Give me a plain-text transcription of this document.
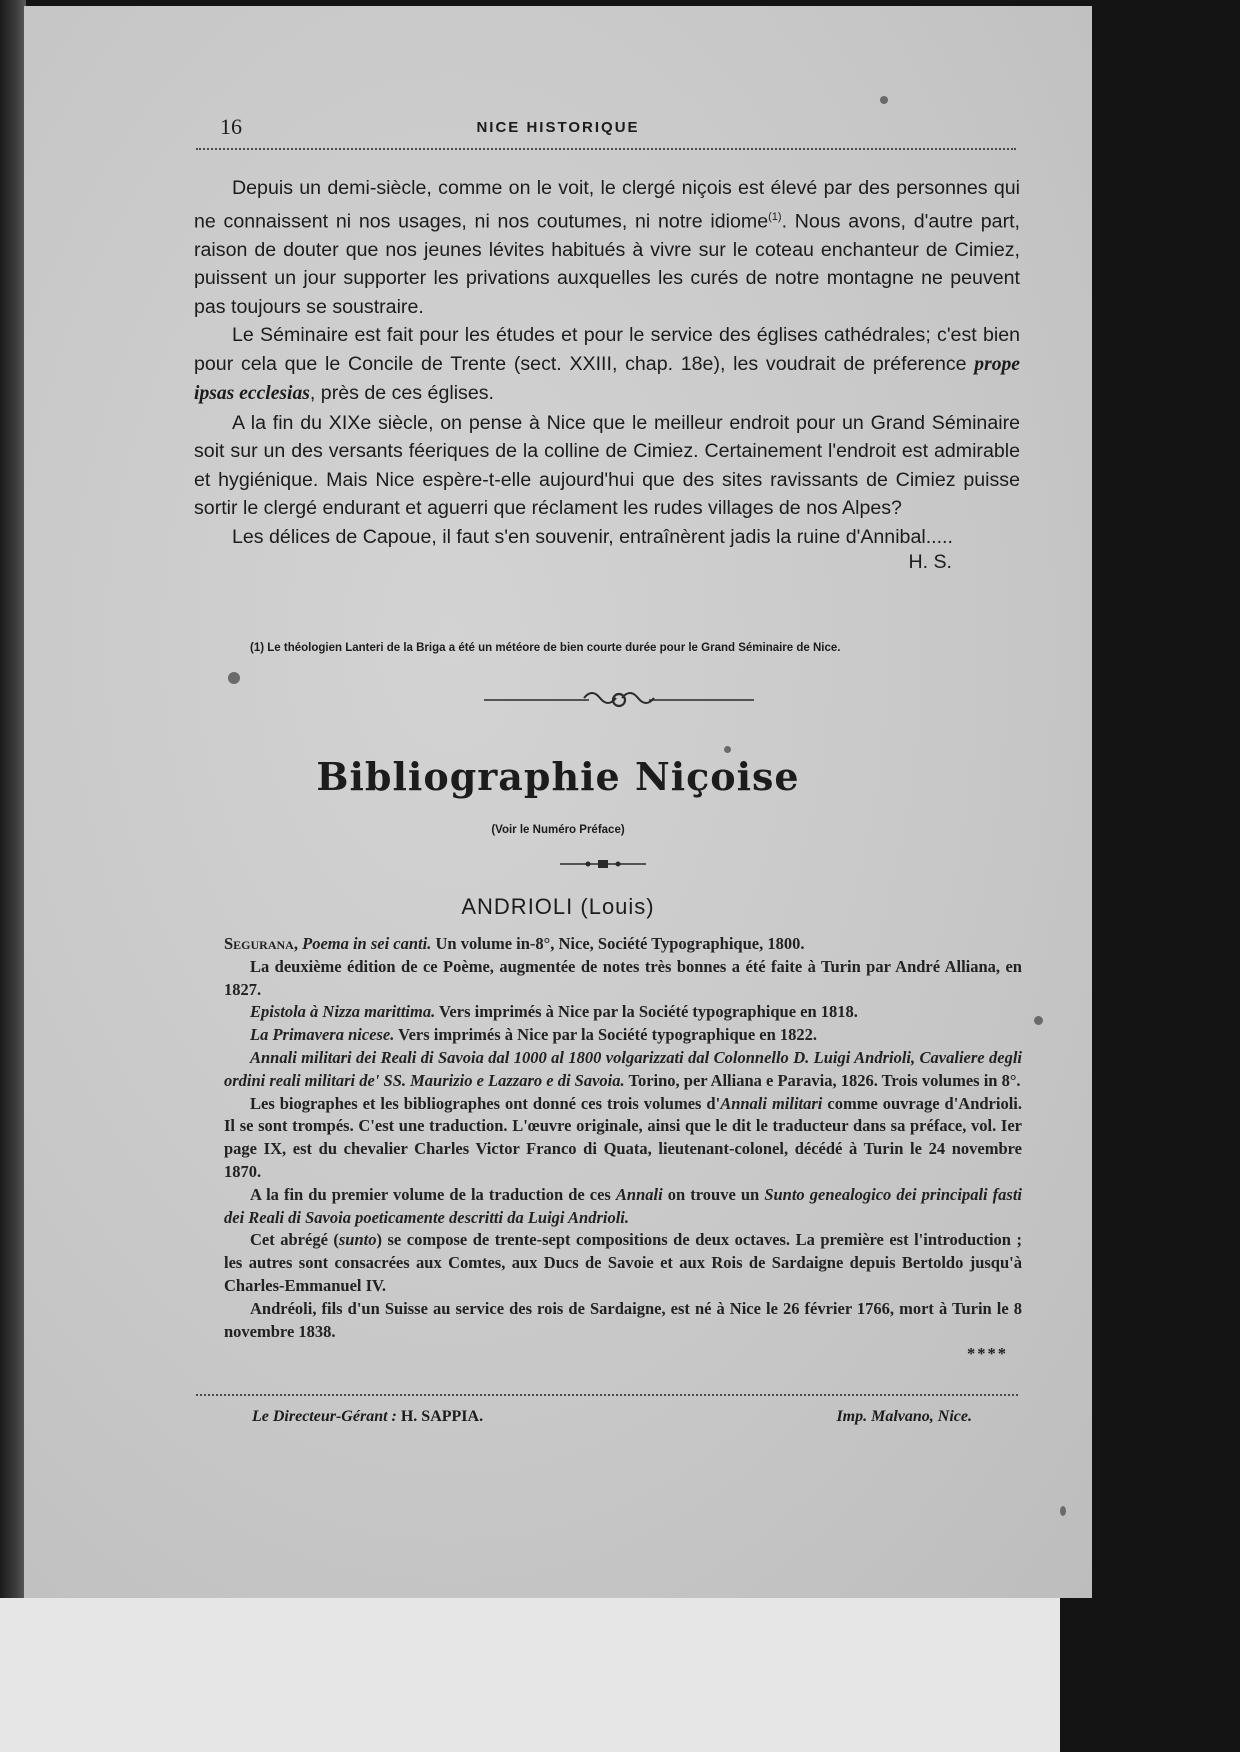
16	NICE HISTORIQUE

Depuis un demi-siècle, comme on le voit, le clergé niçois est élevé par des personnes qui ne connaissent ni nos usages, ni nos coutumes, ni notre idiome$^{(1)}$. Nous avons, d'autre part, raison de douter que nos jeunes lévites habitués à vivre sur le coteau enchanteur de Cimiez, puissent un jour supporter les privations auxquelles les curés de notre montagne ne peuvent pas toujours se soustraire.

Le Séminaire est fait pour les études et pour le service des églises cathédrales; c'est bien pour cela que le Concile de Trente (sect. XXIII, chap. 18e), les voudrait de préference prope ipsas ecclesias, près de ces églises.

A la fin du XIXe siècle, on pense à Nice que le meilleur endroit pour un Grand Séminaire soit sur un des versants féeriques de la colline de Cimiez. Certainement l'endroit est admirable et hygiénique. Mais Nice espère-t-elle aujourd'hui que des sites ravissants de Cimiez puisse sortir le clergé endurant et aguerri que réclament les rudes villages de nos Alpes?

Les délices de Capoue, il faut s'en souvenir, entraînèrent jadis la ruine d'Annibal.....

H. S.

(1) Le théologien Lanteri de la Briga a été un météore de bien courte durée pour le Grand Séminaire de Nice.
Bibliographie Niçoise
(Voir le Numéro Préface)
ANDRIOLI (Louis)

Segurana, Poema in sei canti. Un volume in-8°, Nice, Société Typographique, 1800.

La deuxième édition de ce Poème, augmentée de notes très bonnes a été faite à Turin par André Alliana, en 1827.

Epistola à Nizza marittima. Vers imprimés à Nice par la Société typographique en 1818.

La Primavera nicese. Vers imprimés à Nice par la Société typographique en 1822.

Annali militari dei Reali di Savoia dal 1000 al 1800 volgarizzati dal Colonnello D. Luigi Andrioli, Cavaliere degli ordini reali militari de' SS. Maurizio e Lazzaro e di Savoia. Torino, per Alliana e Paravia, 1826. Trois volumes in 8°.

Les biographes et les bibliographes ont donné ces trois volumes d'Annali militari comme ouvrage d'Andrioli. Il se sont trompés. C'est une traduction. L'œuvre originale, ainsi que le dit le traducteur dans sa préface, vol. Ier page IX, est du chevalier Charles Victor Franco di Quata, lieutenant-colonel, décédé à Turin le 24 novembre 1870.

A la fin du premier volume de la traduction de ces Annali on trouve un Sunto genealogico dei principali fasti dei Reali di Savoia poeticamente descritti da Luigi Andrioli.

Cet abrégé (sunto) se compose de trente-sept compositions de deux octaves. La première est l'introduction ; les autres sont consacrées aux Comtes, aux Ducs de Savoie et aux Rois de Sardaigne depuis Bertoldo jusqu'à Charles-Emmanuel IV.

Andréoli, fils d'un Suisse au service des rois de Sardaigne, est né à Nice le 26 février 1766, mort à Turin le 8 novembre 1838.

****

Le Directeur-Gérant : H. SAPPIA.	Imp. Malvano, Nice.
